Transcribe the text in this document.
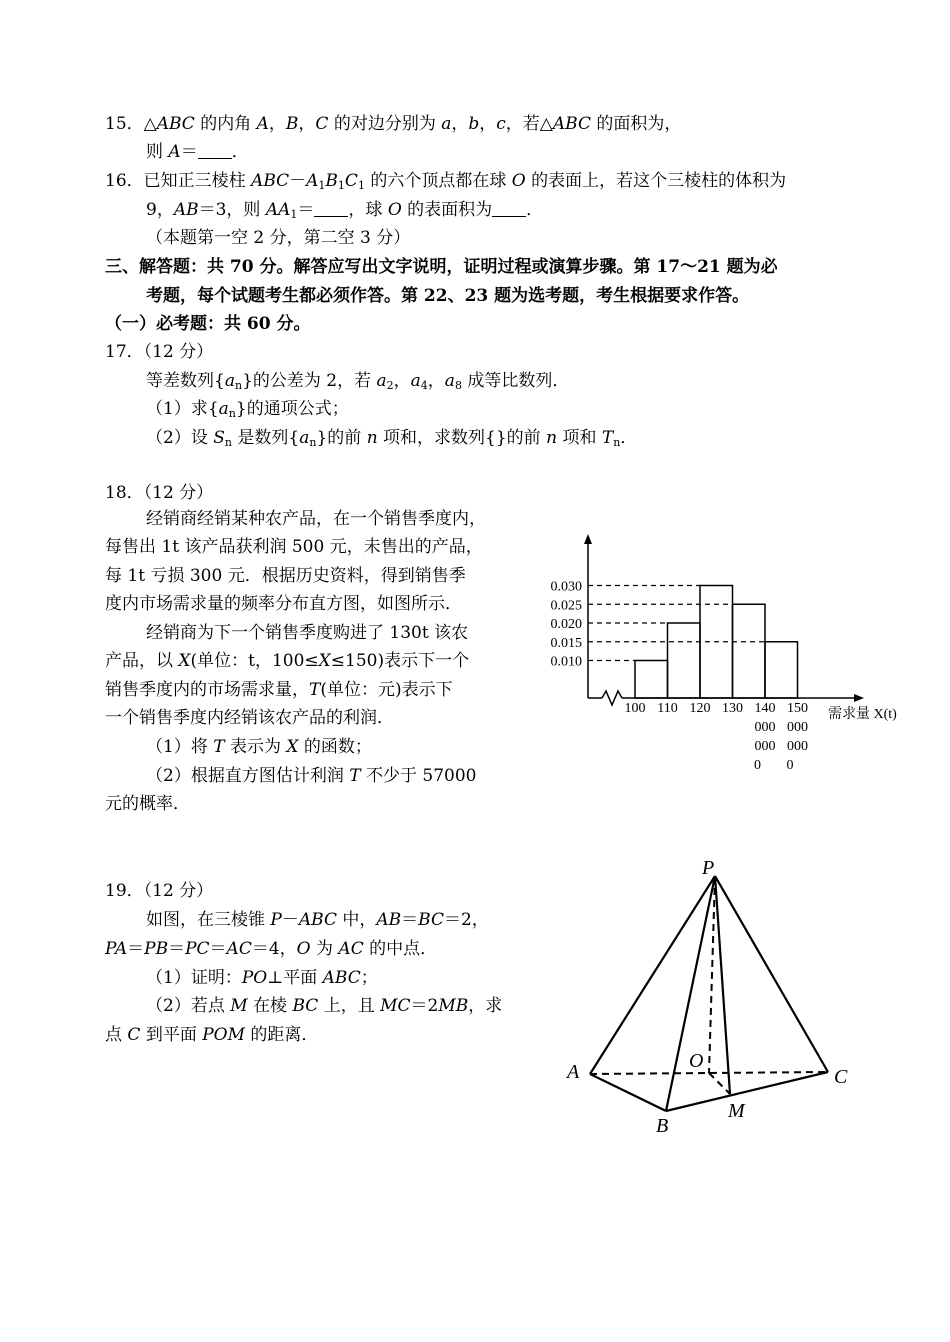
15．△ABC 的内角 A，B，C 的对边分别为 a，b，c，若△ABC 的面积为，
则 A＝ ．
16．已知正三棱柱 $ABC-A_1B_1C_1$ 的六个顶点都在球 O 的表面上，若这个三棱柱的体积为
9，AB＝3，则 $AA_1=$ ，球 O 的表面积为 ．
（本题第一空 2 分，第二空 3 分）
三、解答题：共 70 分。解答应写出文字说明，证明过程或演算步骤。第 17～21 题为必
考题，每个试题考生都必须作答。第 22、23 题为选考题，考生根据要求作答。
（一）必考题：共 60 分。
17．（12 分）
等差数列$\{a_n\}$的公差为 2，若 $a_2$，$a_4$，$a_8$ 成等比数列．
（1）求$\{a_n\}$的通项公式；
（2）设 $S_n$ 是数列$\{a_n\}$的前 n 项和，求数列{}的前 n 项和 $T_n$．
18．（12 分）
经销商经销某种农产品，在一个销售季度内，
每售出 1t 该产品获利润 500 元，未售出的产品，
每 1t 亏损 300 元．根据历史资料，得到销售季
度内市场需求量的频率分布直方图，如图所示．
经销商为下一个销售季度购进了 130t 该农
产品，以 X(单位：t，100≤X≤150)表示下一个
销售季度内的市场需求量，T(单位：元)表示下
一个销售季度内经销该农产品的利润．
（1）将 T 表示为 X 的函数；
（2）根据直方图估计利润 T 不少于 57000
元的概率．
0.030
0.025
0.020
0.015
0.010
100 110 120 130 140
000
000
0
150
000
000
0
需求量 X(t)
19．（12 分）
如图，在三棱锥 P－ABC 中，AB＝BC＝2，
PA＝PB＝PC＝AC＝4，O 为 AC 的中点．
（1）证明：PO⊥平面 ABC；
（2）若点 M 在棱 BC 上，且 MC＝2MB，求
点 C 到平面 POM 的距离．
P
A
B
C
O
M
